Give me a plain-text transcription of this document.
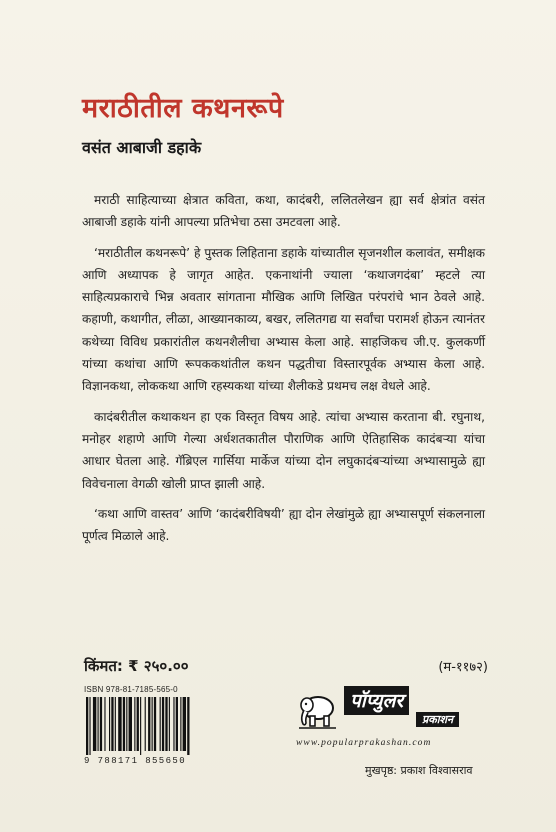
मराठीतील कथनरूपे
वसंत आबाजी डहाके

मराठी साहित्याच्या क्षेत्रात कविता, कथा, कादंबरी, ललितलेखन ह्या सर्व क्षेत्रांत वसंत आबाजी डहाके यांनी आपल्या प्रतिभेचा ठसा उमटवला आहे.

‘मराठीतील कथनरूपे’ हे पुस्तक लिहिताना डहाके यांच्यातील सृजनशील कलावंत, समीक्षक आणि अध्यापक हे जागृत आहेत. एकनाथांनी ज्याला ‘कथाजगदंबा’ म्हटले त्या साहित्यप्रकाराचे भिन्न अवतार सांगताना मौखिक आणि लिखित परंपरांचे भान ठेवले आहे. कहाणी, कथागीत, लीळा, आख्यानकाव्य, बखर, ललितगद्य या सर्वांचा परामर्श होऊन त्यानंतर कथेच्या विविध प्रकारांतील कथनशैलीचा अभ्यास केला आहे. साहजिकच जी.ए. कुलकर्णी यांच्या कथांचा आणि रूपककथांतील कथन पद्धतीचा विस्तारपूर्वक अभ्यास केला आहे. विज्ञानकथा, लोककथा आणि रहस्यकथा यांच्या शैलीकडे प्रथमच लक्ष वेधले आहे.

कादंबरीतील कथाकथन हा एक विस्तृत विषय आहे. त्यांचा अभ्यास करताना बी. रघुनाथ, मनोहर शहाणे आणि गेल्या अर्धशतकातील पौराणिक आणि ऐतिहासिक कादंबऱ्या यांचा आधार घेतला आहे. गॅब्रिएल गार्सिया मार्केज यांच्या दोन लघुकादंबऱ्यांच्या अभ्यासामुळे ह्या विवेचनाला वेगळी खोली प्राप्त झाली आहे.

‘कथा आणि वास्तव’ आणि ‘कादंबरीविषयी’ ह्या दोन लेखांमुळे ह्या अभ्यासपूर्ण संकलनाला पूर्णत्व मिळाले आहे.

किंमत: ₹ २५०.००	(म-११७२)
ISBN 978-81-7185-565-0
9 788171 855650
पॉप्युलर
प्रकाशन
www.popularprakashan.com
मुखपृष्ठ: प्रकाश विश्वासराव
